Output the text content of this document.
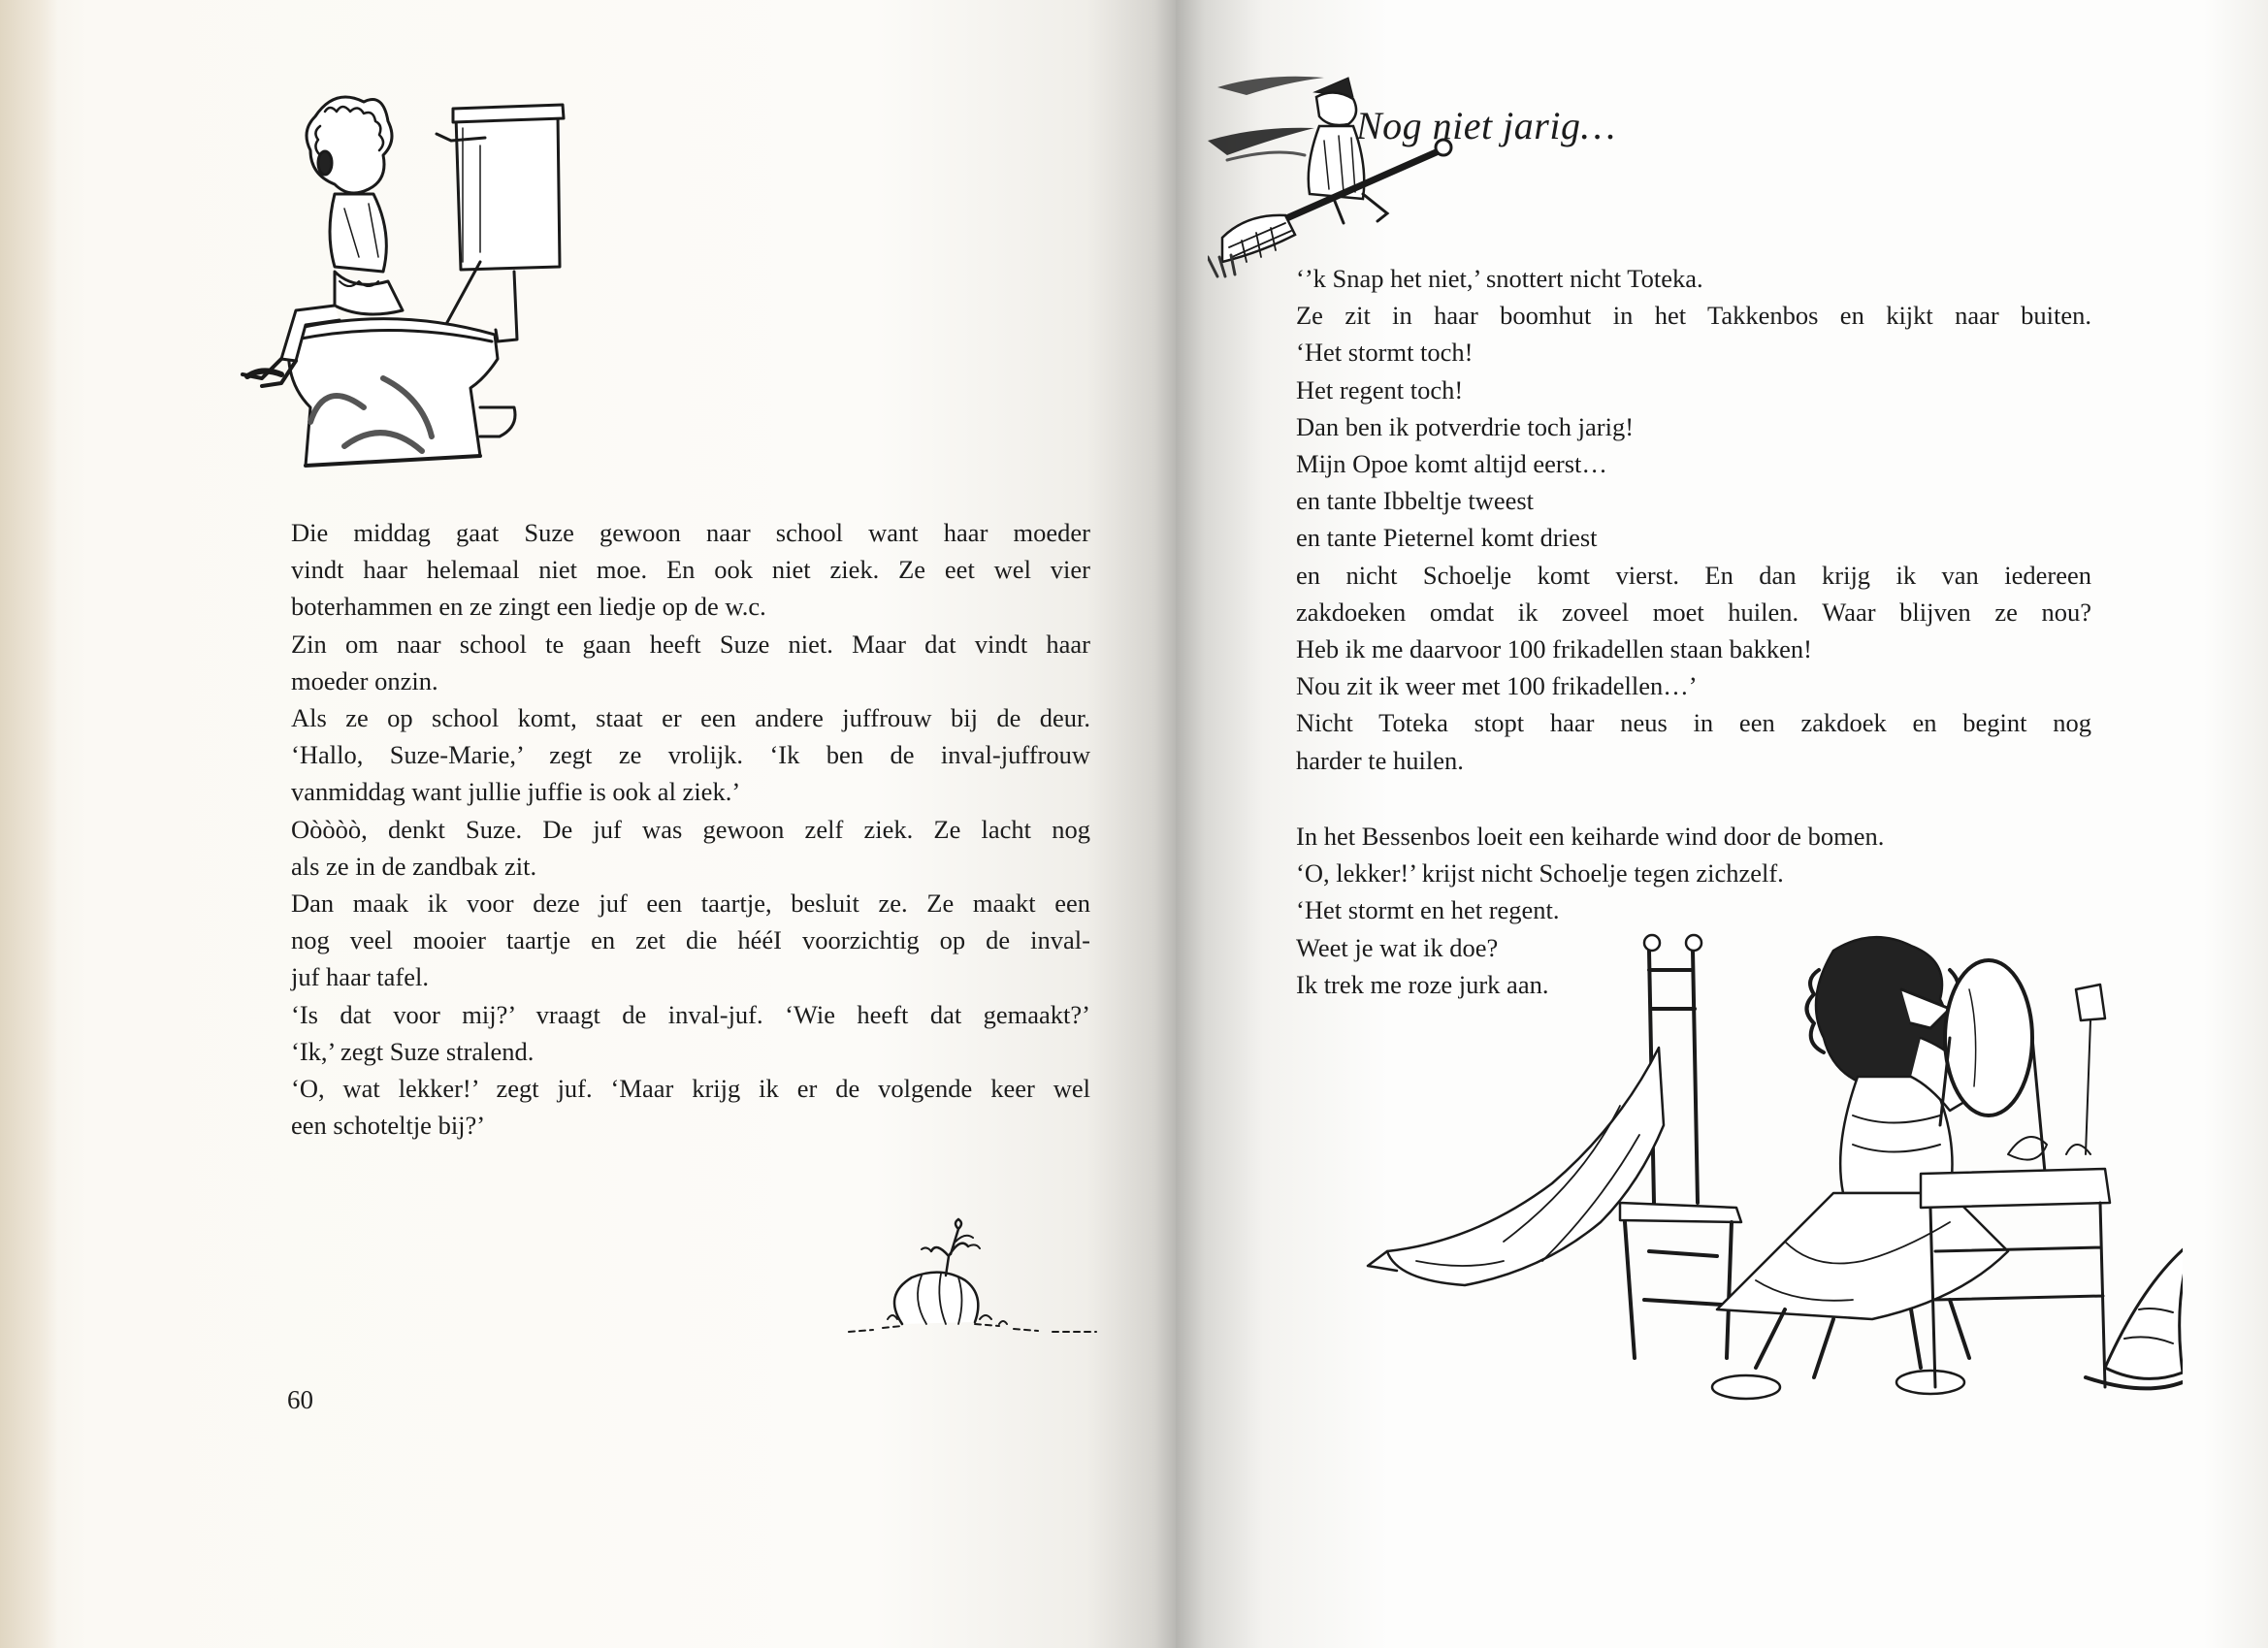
Die middag gaat Suze gewoon naar school want haar moeder

vindt haar helemaal niet moe. En ook niet ziek. Ze eet wel vier

boterhammen en ze zingt een liedje op de w.c.

Zin om naar school te gaan heeft Suze niet. Maar dat vindt haar

moeder onzin.

Als ze op school komt, staat er een andere juffrouw bij de deur.

‘Hallo, Suze-Marie,’ zegt ze vrolijk. ‘Ik ben de inval-juffrouw

vanmiddag want jullie juffie is ook al ziek.’

Oòòòò, denkt Suze. De juf was gewoon zelf ziek. Ze lacht nog

als ze in de zandbak zit.

Dan maak ik voor deze juf een taartje, besluit ze. Ze maakt een

nog veel mooier taartje en zet die hééI voorzichtig op de inval-

juf haar tafel.

‘Is dat voor mij?’ vraagt de inval-juf. ‘Wie heeft dat gemaakt?’

‘Ik,’ zegt Suze stralend.

‘O, wat lekker!’ zegt juf. ‘Maar krijg ik er de volgende keer wel

een schoteltje bij?’

60
Nog niet jarig…

‘’k Snap het niet,’ snottert nicht Toteka.

Ze zit in haar boomhut in het Takkenbos en kijkt naar buiten.

‘Het stormt toch!

Het regent toch!

Dan ben ik potverdrie toch jarig!

Mijn Opoe komt altijd eerst…

en tante Ibbeltje tweest

en tante Pieternel komt driest

en nicht Schoelje komt vierst. En dan krijg ik van iedereen

zakdoeken omdat ik zoveel moet huilen. Waar blijven ze nou?

Heb ik me daarvoor 100 frikadellen staan bakken!

Nou zit ik weer met 100 frikadellen…’

Nicht Toteka stopt haar neus in een zakdoek en begint nog

harder te huilen.

In het Bessenbos loeit een keiharde wind door de bomen.

‘O, lekker!’ krijst nicht Schoelje tegen zichzelf.

‘Het stormt en het regent.

Weet je wat ik doe?

Ik trek me roze jurk aan.
